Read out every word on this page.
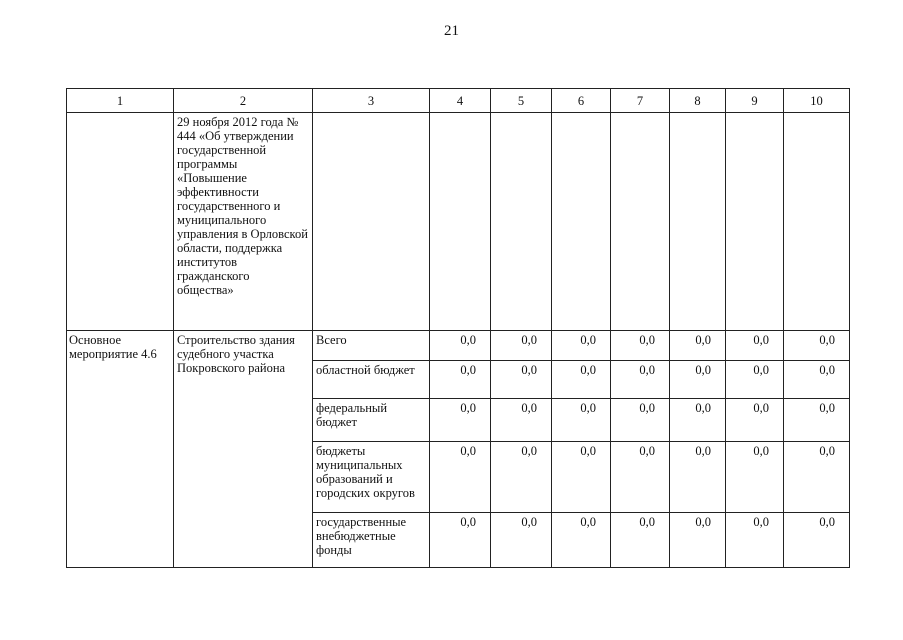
21
1	2	3	4	5	6	7	8	9	10
	29 ноября 2012 года № 444 «Об утверждении государственной программы «Повышение эффективности государственного и муниципального управления в Орловской области, поддержка институтов гражданского общества»								
Основное мероприятие 4.6	Строительство здания судебного участка Покровского района	Всего	0,0	0,0	0,0	0,0	0,0	0,0	0,0
		областной бюджет	0,0	0,0	0,0	0,0	0,0	0,0	0,0
		федеральный бюджет	0,0	0,0	0,0	0,0	0,0	0,0	0,0
		бюджеты муниципальных образований и городских округов	0,0	0,0	0,0	0,0	0,0	0,0	0,0
		государственные внебюджетные фонды	0,0	0,0	0,0	0,0	0,0	0,0	0,0
